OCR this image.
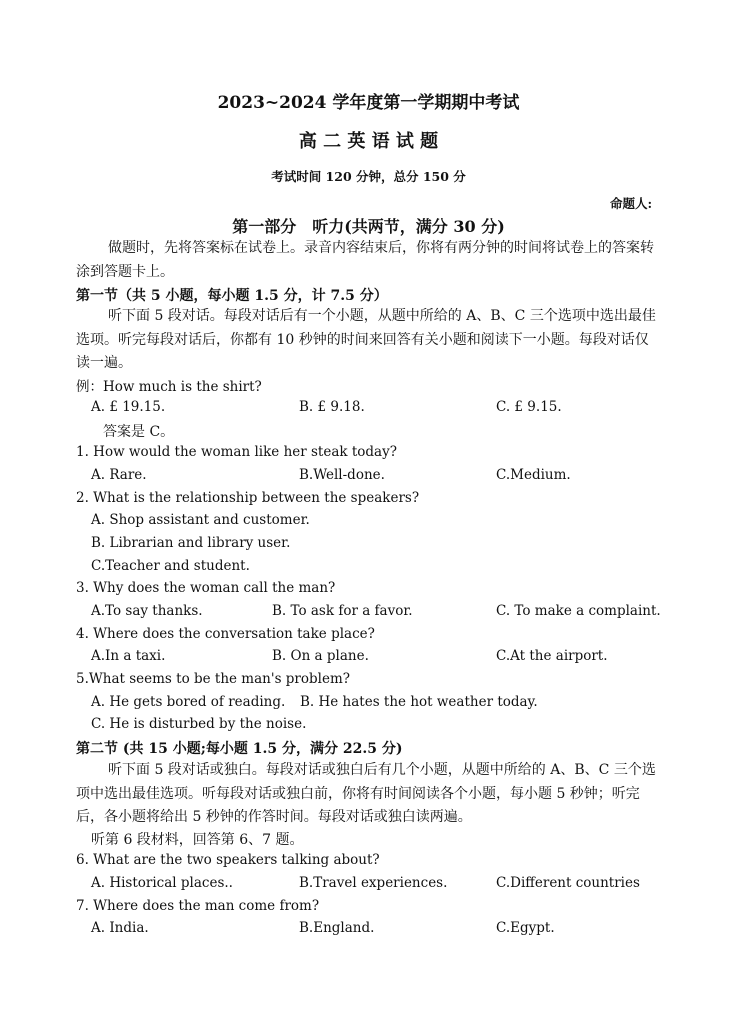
2023~2024 学年度第一学期期中考试
高 二 英 语 试 题
考试时间 120 分钟，总分 150 分
命题人:
第一部分　听力(共两节，满分 30 分)
做题时，先将答案标在试卷上。录音内容结束后，你将有两分钟的时间将试卷上的答案转涂到答题卡上。
第一节（共 5 小题，每小题 1.5 分，计 7.5 分）
听下面 5 段对话。每段对话后有一个小题，从题中所给的 A、B、C 三个选项中选出最佳选项。听完每段对话后，你都有 10 秒钟的时间来回答有关小题和阅读下一小题。每段对话仅读一遍。
例：How much is the shirt?
A. £ 19.15.	B. £ 9.18.	C. £ 9.15.
答案是 C。
1. How would the woman like her steak today?
A. Rare.	B.Well-done.	C.Medium.
2. What is the relationship between the speakers?
A. Shop assistant and customer.
B. Librarian and library user.
C.Teacher and student.
3. Why does the woman call the man?
A.To say thanks.	B. To ask for a favor.	C. To make a complaint.
4. Where does the conversation take place?
A.In a taxi.	B. On a plane.	C.At the airport.
5.What seems to be the man's problem?
A. He gets bored of reading. B. He hates the hot weather today.
C. He is disturbed by the noise.
第二节 (共 15 小题;每小题 1.5 分，满分 22.5 分)
听下面 5 段对话或独白。每段对话或独白后有几个小题，从题中所给的 A、B、C 三个选项中选出最佳选项。听每段对话或独白前，你将有时间阅读各个小题，每小题 5 秒钟；听完后，各小题将给出 5 秒钟的作答时间。每段对话或独白读两遍。
听第 6 段材料，回答第 6、7 题。
6. What are the two speakers talking about?
A. Historical places..	B.Travel experiences.	C.Different countries
7. Where does the man come from?
A. India.	B.England.	C.Egypt.
